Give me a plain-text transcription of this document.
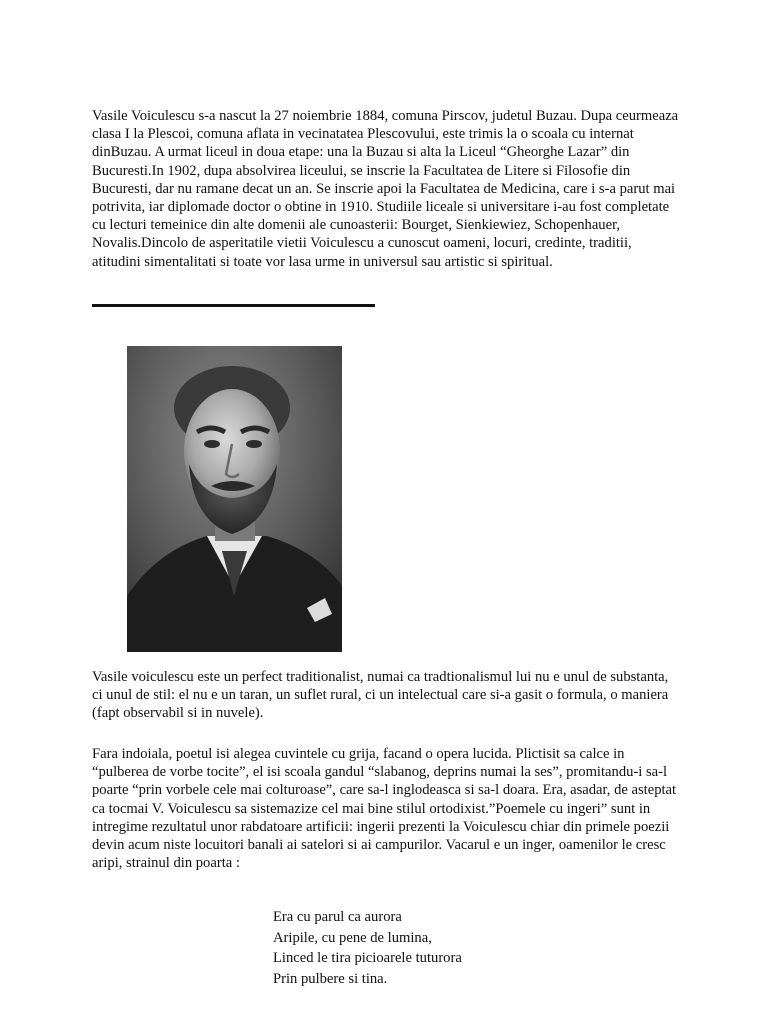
Vasile Voiculescu s-a nascut la 27 noiembrie 1884, comuna Pirscov, judetul Buzau. Dupa ceurmeaza clasa I la Plescoi, comuna aflata in vecinatatea Plescovului, este trimis la o scoala cu internat dinBuzau. A urmat liceul in doua etape: una la Buzau si alta la Liceul “Gheorghe Lazar” din Bucuresti.In 1902, dupa absolvirea liceului, se inscrie la Facultatea de Litere si Filosofie din Bucuresti, dar nu ramane decat un an. Se inscrie apoi la Facultatea de Medicina, care i s-a parut mai potrivita, iar diplomade doctor o obtine in 1910. Studiile liceale si universitare i-au fost completate cu lecturi temeinice din alte domenii ale cunoasterii: Bourget, Sienkiewiez, Schopenhauer, Novalis.Dincolo de asperitatile vietii Voiculescu a cunoscut oameni, locuri, credinte, traditii, atitudini simentalitati si toate vor lasa urme in universul sau artistic si spiritual.

Vasile voiculescu este un perfect traditionalist, numai ca tradtionalismul lui nu e unul de substanta, ci unul de stil: el nu e un taran, un suflet rural, ci un intelectual care si-a gasit o formula, o maniera (fapt observabil si in nuvele).

Fara indoiala, poetul isi alegea cuvintele cu grija, facand o opera lucida. Plictisit sa calce in “pulberea de vorbe tocite”, el isi scoala gandul “slabanog, deprins numai la ses”, promitandu-i sa-l poarte “prin vorbele cele mai colturoase”, care sa-l inglodeasca si sa-l doara. Era, asadar, de asteptat ca tocmai V. Voiculescu sa sistemazize cel mai bine stilul ortodixist.”Poemele cu ingeri” sunt in intregime rezultatul unor rabdatoare artificii: ingerii prezenti la Voiculescu chiar din primele poezii devin acum niste locuitori banali ai satelori si ai campurilor. Vacarul e un inger, oamenilor le cresc aripi, strainul din poarta :

Era cu parul ca aurora
Aripile, cu pene de lumina,
Linced le tira picioarele tuturora
Prin pulbere si tina.
